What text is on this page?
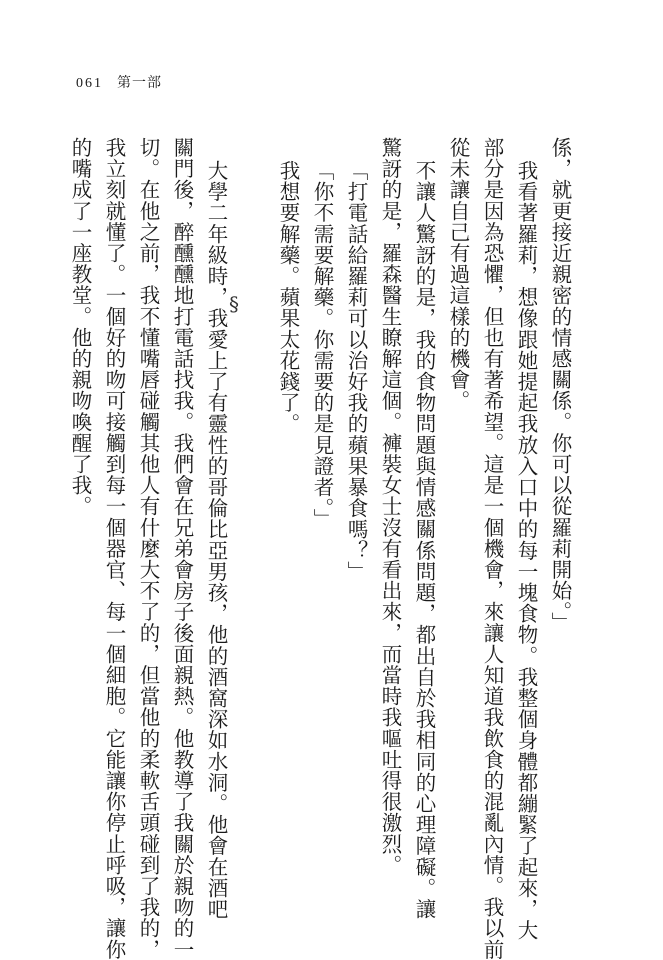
061 第一部
係，就更接近親密的情感關係。你可以從羅莉開始。」
我看著羅莉，想像跟她提起我放入口中的每一塊食物。我整個身體都繃緊了起來，大
部分是因為恐懼，但也有著希望。這是一個機會，來讓人知道我飲食的混亂內情。我以前
從未讓自己有過這樣的機會。
不讓人驚訝的是，我的食物問題與情感關係問題，都出自於我相同的心理障礙。讓
驚訝的是，羅森醫生瞭解這個。褲裝女士沒有看出來，而當時我嘔吐得很激烈。
「打電話給羅莉可以治好我的蘋果暴食嗎？」
「你不需要解藥。你需要的是見證者。」
我想要解藥。蘋果太花錢了。
大學二年級時，我愛上了有靈性的哥倫比亞男孩，他的酒窩深如水洞。他會在酒吧
關門後，醉醺醺地打電話找我。我們會在兄弟會房子後面親熱。他教導了我關於親吻的一
切。在他之前，我不懂嘴唇碰觸其他人有什麼大不了的，但當他的柔軟舌頭碰到了我的，
我立刻就懂了。一個好的吻可接觸到每一個器官、每一個細胞。它能讓你停止呼吸，讓你
的嘴成了一座教堂。他的親吻喚醒了我。	§
